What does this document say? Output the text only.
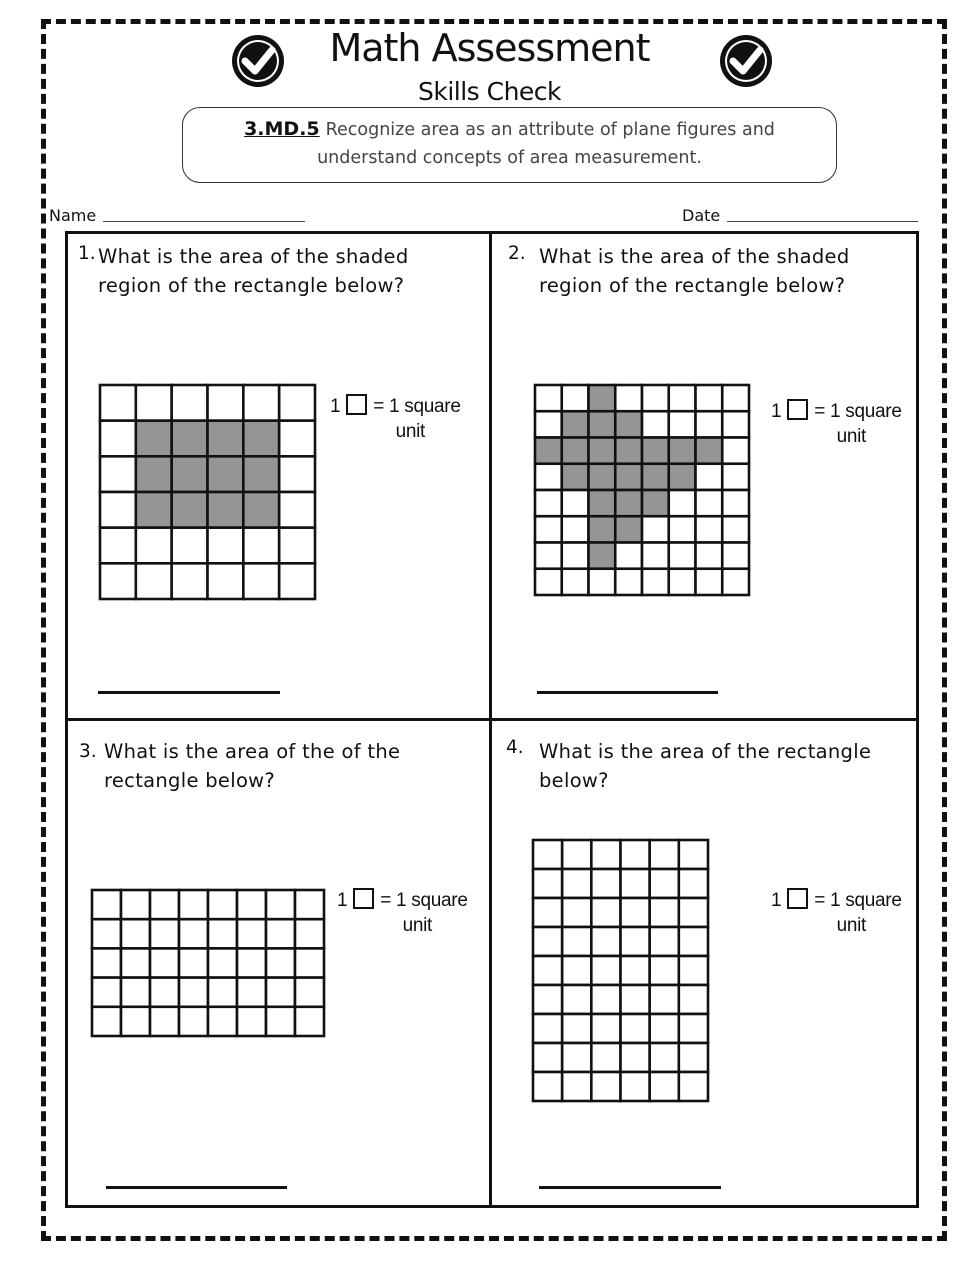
Math Assessment
Skills Check
3.MD.5 Recognize area as an attribute of plane figures and
understand concepts of area measurement.
Name	Date
1. What is the area of the shaded
region of the rectangle below?
1 = 1 square
unit
2. What is the area of the shaded
region of the rectangle below?
1 = 1 square
unit
3. What is the area of the of the
rectangle below?
1 = 1 square
unit
4. What is the area of the rectangle
below?
1 = 1 square
unit
